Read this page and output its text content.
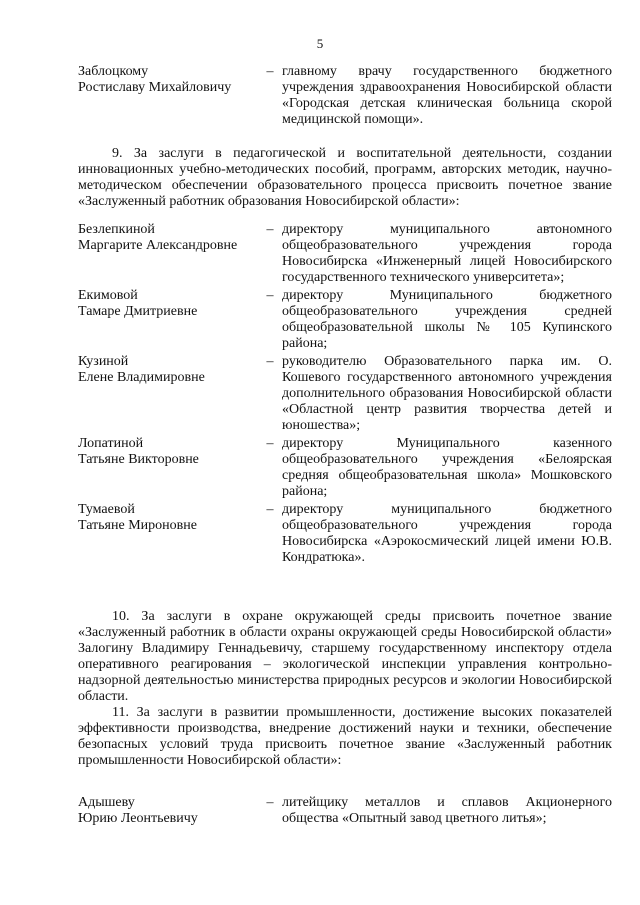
5
Заблоцкому
Ростиславу Михайловичу
– главному врачу государственного бюджетного учреждения здравоохранения Новосибирской области «Городская детская клиническая больница скорой медицинской помощи».
9. За заслуги в педагогической и воспитательной деятельности, создании инновационных учебно-методических пособий, программ, авторских методик, научно-методическом обеспечении образовательного процесса присвоить почетное звание «Заслуженный работник образования Новосибирской области»:
Безлепкиной
Маргарите Александровне
– директору муниципального автономного общеобразовательного учреждения города Новосибирска «Инженерный лицей Новосибирского государственного технического университета»;
Екимовой
Тамаре Дмитриевне
– директору Муниципального бюджетного общеобразовательного учреждения средней общеобразовательной школы № 105 Купинского района;
Кузиной
Елене Владимировне
– руководителю Образовательного парка им. О. Кошевого государственного автономного учреждения дополнительного образования Новосибирской области «Областной центр развития творчества детей и юношества»;
Лопатиной
Татьяне Викторовне
– директору Муниципального казенного общеобразовательного учреждения «Белоярская средняя общеобразовательная школа» Мошковского района;
Тумаевой
Татьяне Мироновне
– директору муниципального бюджетного общеобразовательного учреждения города Новосибирска «Аэрокосмический лицей имени Ю.В. Кондратюка».
10. За заслуги в охране окружающей среды присвоить почетное звание «Заслуженный работник в области охраны окружающей среды Новосибирской области» Залогину Владимиру Геннадьевичу, старшему государственному инспектору отдела оперативного реагирования – экологической инспекции управления контрольно-надзорной деятельностью министерства природных ресурсов и экологии Новосибирской области.
11. За заслуги в развитии промышленности, достижение высоких показателей эффективности производства, внедрение достижений науки и техники, обеспечение безопасных условий труда присвоить почетное звание «Заслуженный работник промышленности Новосибирской области»:
Адышеву
Юрию Леонтьевичу
– литейщику металлов и сплавов Акционерного общества «Опытный завод цветного литья»;
